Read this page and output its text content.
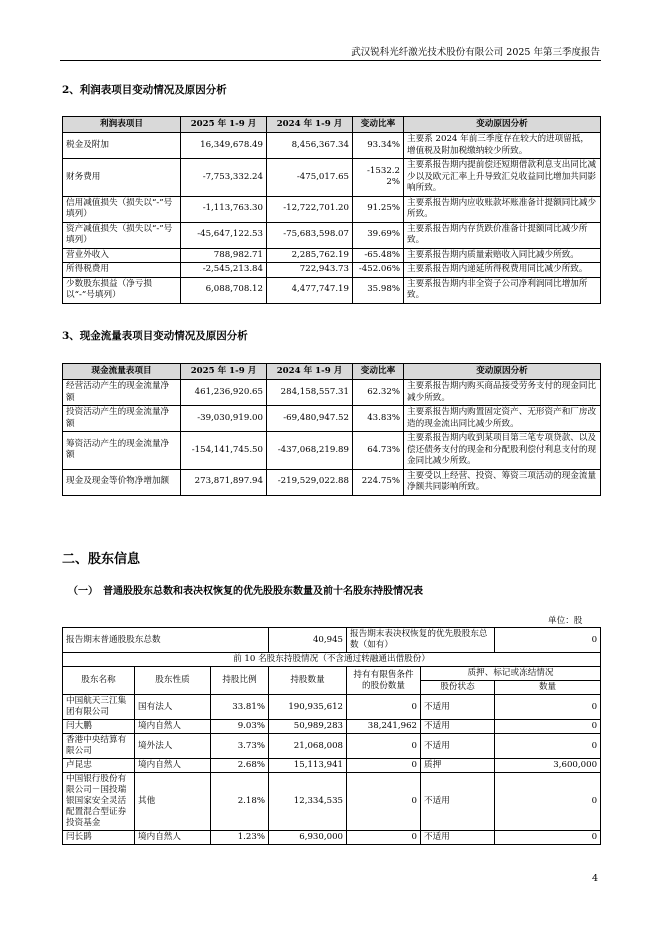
武汉锐科光纤激光技术股份有限公司 2025 年第三季度报告
2、利润表项目变动情况及原因分析
利润表项目	2025 年 1-9 月	2024 年 1-9 月	变动比率	变动原因分析
税金及附加	16,349,678.49	8,456,367.34	93.34%	主要系 2024 年前三季度存在较大的进项留抵，增值税及附加税缴纳较少所致。
财务费用	-7,753,332.24	-475,017.65	-1532.22%	主要系报告期内提前偿还短期借款利息支出同比减少以及欧元汇率上升导致汇兑收益同比增加共同影响所致。
信用减值损失（损失以“-”号填列）	-1,113,763.30	-12,722,701.20	91.25%	主要系报告期内应收账款坏账准备计提额同比减少所致。
资产减值损失（损失以“-”号填列）	-45,647,122.53	-75,683,598.07	39.69%	主要系报告期内存货跌价准备计提额同比减少所致。
营业外收入	788,982.71	2,285,762.19	-65.48%	主要系报告期内质量索赔收入同比减少所致。
所得税费用	-2,545,213.84	722,943.73	-452.06%	主要系报告期内递延所得税费用同比减少所致。
少数股东损益（净亏损以“-”号填列）	6,088,708.12	4,477,747.19	35.98%	主要系报告期内非全资子公司净利润同比增加所致。
3、现金流量表项目变动情况及原因分析
现金流量表项目	2025 年 1-9 月	2024 年 1-9 月	变动比率	变动原因分析
经营活动产生的现金流量净额	461,236,920.65	284,158,557.31	62.32%	主要系报告期内购买商品接受劳务支付的现金同比减少所致。
投资活动产生的现金流量净额	-39,030,919.00	-69,480,947.52	43.83%	主要系报告期内购置固定资产、无形资产和厂房改造的现金流出同比减少所致。
筹资活动产生的现金流量净额	-154,141,745.50	-437,068,219.89	64.73%	主要系报告期内收到某项目第三笔专项贷款、以及偿还债务支付的现金和分配股利偿付利息支付的现金同比减少所致。
现金及现金等价物净增加额	273,871,897.94	-219,529,022.88	224.75%	主要受以上经营、投资、筹资三项活动的现金流量净额共同影响所致。
二、股东信息
（一）　普通股股东总数和表决权恢复的优先股股东数量及前十名股东持股情况表
单位：股
报告期末普通股股东总数			40,945	报告期末表决权恢复的优先股股东总数（如有）		0
前 10 名股东持股情况（不含通过转融通出借股份）						
股东名称	股东性质	持股比例	持股数量	持有有限售条件的股份数量	质押、标记或冻结情况	
					股份状态	数量
中国航天三江集团有限公司	国有法人	33.81%	190,935,612	0	不适用	0
闫大鹏	境内自然人	9.03%	50,989,283	38,241,962	不适用	0
香港中央结算有限公司	境外法人	3.73%	21,068,008	0	不适用	0
卢昆忠	境内自然人	2.68%	15,113,941	0	质押	3,600,000
中国银行股份有限公司－国投瑞银国家安全灵活配置混合型证券投资基金	其他	2.18%	12,334,535	0	不适用	0
闫长鹍	境内自然人	1.23%	6,930,000	0	不适用	0
4
